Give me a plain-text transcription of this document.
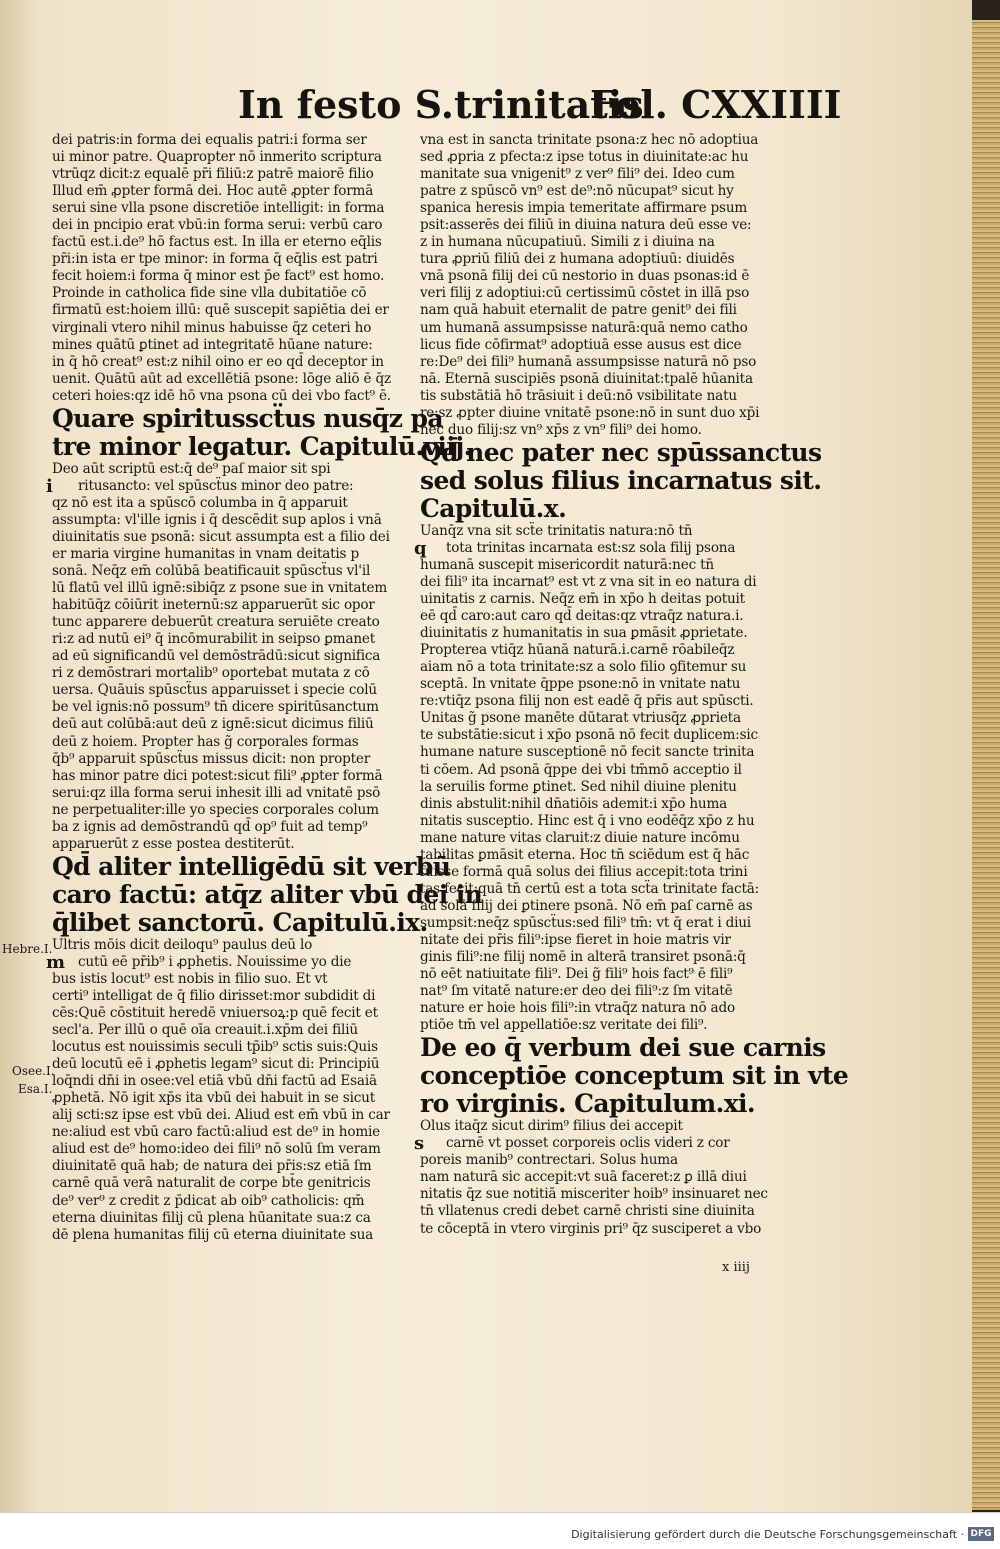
In festo S.trinitatis
Fol. CXXIIII
dei patris:in forma dei equalis patri:i forma ser
ui minor patre. Quapropter nō inmerito scriptura
vtrūqz dicit:z equalē pr̄i filiū:z patrē maiorē filio
Illud em̄ ꝓpter formā dei. Hoc autē ꝓpter formā
serui sine vlla psone discretiōe intelligit: in forma
dei in pncipio erat vbū:in forma serui: verbū caro
factū est.i.de⁹ hō factus est. In illa er eterno eq̄lis
pr̄i:in ista er tpe minor: in forma q̄ eq̄lis est patri
fecit hoiem:i forma q̄ minor est p̄e fact⁹ est homo.
Proinde in catholica fide sine vlla dubitatiōe cō
firmatū est:hoiem illū: quē suscepit sapiētia dei er
virginali vtero nihil minus habuisse q̄z ceteri ho
mines quātū ꝑtinet ad integritatē hūane nature:
in q̄ hō creat⁹ est:z nihil oino er eo qd̄ deceptor in
uenit. Quātū aūt ad excellētiā psone: lōge aliō ē q̄z
ceteri hoies:qz idē hō vna psona cū dei vbo fact⁹ ē.
Quare spiritusscẗus nusq̄z pa
tre minor legatur. Capitulū.viij.
Deo aūt scriptū est:q̄ de⁹ paſ maior sit spi
i ritusancto: vel spūscẗus minor deo patre:
qz nō est ita a spūscō columba in q̄ apparuit
assumpta: vl'ille ignis i q̄ descēdit sup aplos i vnā
diuinitatis sue psonā: sicut assumpta est a filio dei
er maria virgine humanitas in vnam deitatis p
sonā. Neq̄z em̄ colūbā beatificauit spūscẗus vl'il
lū flatū vel illū ignē:sibiq̄z z psone sue in vnitatem
habitūq̄z cōiūrit ineternū:sz apparuerūt sic opor
tunc apparere debuerūt creatura seruiēte creato
ri:z ad nutū ei⁹ q̄ incōmurabilit in seipso ꝑmanet
ad eū significandū vel demōstrādū:sicut significa
ri z demōstrari mortalib⁹ oportebat mutata z cō
uersa. Quāuis spūscẗus apparuisset i specie colū
be vel ignis:nō possum⁹ tn̄ dicere spiritūsanctum
deū aut colūbā:aut deū z ignē:sicut dicimus filiū
deū z hoiem. Propter has g̃ corporales formas
q̄b⁹ apparuit spūscẗus missus dicit: non propter
has minor patre dici potest:sicut fili⁹ ꝓpter formā
serui:qz illa forma serui inhesit illi ad vnitatē psō
ne perpetualiter:ille yo species corporales colum
ba z ignis ad demōstrandū qd̄ op⁹ fuit ad temp⁹
apparuerūt z esse postea destiterūt.
Qd̄ aliter intelligēdū sit verbū
caro factū: atq̄z aliter vbū dei in
q̄libet sanctorū. Capitulū.ix.
Ultris mōis dicit deiloqu⁹ paulus deū lo
m cutū eē pr̄ib⁹ i ꝓphetis. Nouissime yo die
bus istis locut⁹ est nobis in filio suo. Et vt
certi⁹ intelligat de q̄ filio dirisset:mor subdidit di
cēs:Quē cōstituit heredē vniuersoꝝ:p quē fecit et
secl'a. Per illū o quē oīa creauit.i.xp̄m dei filiū
locutus est nouissimis seculi tp̄ib⁹ sctis suis:Quis
deū locutū eē i ꝓphetis legam⁹ sicut di: Principiū
loq̄ndi dn̄i in osee:vel etiā vbū dn̄i factū ad Esaiā
ꝓphetā. Nō igit xp̄s ita vbū dei habuit in se sicut
alij scti:sz ipse est vbū dei. Aliud est em̄ vbū in car
ne:aliud est vbū caro factū:aliud est de⁹ in homie
aliud est de⁹ homo:ideo dei fili⁹ nō solū ſm veram
diuinitatē quā hab; de natura dei pr̄is:sz etiā ſm
carnē quā verā naturalit de corpe bt̄e genitricis
de⁹ ver⁹ z credit z p̄dicat ab oib⁹ catholicis: qm̄
eterna diuinitas filij cū plena hūanitate sua:z ca
dē plena humanitas filij cū eterna diuinitate sua
vna est in sancta trinitate psona:z hec nō adoptiua
sed ꝓpria z pfecta:z ipse totus in diuinitate:ac hu
manitate sua vnigenit⁹ z ver⁹ fili⁹ dei. Ideo cum
patre z spūscō vn⁹ est de⁹:nō nūcupat⁹ sicut hy
spanica heresis impia temeritate affirmare psum
psit:asserēs dei filiū in diuina natura deū esse ve:
z in humana nūcupatiuū. Simili z i diuina na
tura ꝓpriū filiū dei z humana adoptiuū: diuidēs
vnā psonā filij dei cū nestorio in duas psonas:id ē
veri filij z adoptiui:cū certissimū cōstet in illā pso
nam quā habuit eternalit de patre genit⁹ dei fili
um humanā assumpsisse naturā:quā nemo catho
licus fide cōfirmat⁹ adoptiuā esse ausus est dice
re:De⁹ dei fili⁹ humanā assumpsisse naturā nō pso
nā. Eternā suscipiēs psonā diuinitat:tpalē hūanita
tis substātiā hō trāsiuit i deū:nō vsibilitate natu
re:sz ꝓpter diuine vnitatē psone:nō in sunt duo xp̄i
nec duo filij:sz vn⁹ xp̄s z vn⁹ fili⁹ dei homo.
Qd̄ nec pater nec spūssanctus
sed solus filius incarnatus sit.
Capitulū.x.
Uanq̄z vna sit scẗe trinitatis natura:nō tn̄
q tota trinitas incarnata est:sz sola filij psona
humanā suscepit misericordit naturā:nec tn̄
dei fili⁹ ita incarnat⁹ est vt z vna sit in eo natura di
uinitatis z carnis. Neq̄z em̄ in xp̄o h deitas potuit
eē qd̄ caro:aut caro qd̄ deitas:qz vtraq̄z natura.i.
diuinitatis z humanitatis in sua ꝑmāsit ꝓprietate.
Propterea vtiq̄z hūanā naturā.i.carnē rōabileq̄z
aiam nō a tota trinitate:sz a solo filio ꝯfitemur su
sceptā. In vnitate q̄ppe psone:nō in vnitate natu
re:vtiq̄z psona filij non est eadē q̄ pr̄is aut spūscti.
Unitas g̃ psone manēte dūtarat vtriusq̄z ꝓprieta
te substātie:sicut i xp̄o psonā nō fecit duplicem:sic
humane nature susceptionē nō fecit sancte trinita
ti cōem. Ad psonā q̄ppe dei vbi tm̄mō acceptio il
la seruilis forme ꝑtinet. Sed nihil diuine plenitu
dinis abstulit:nihil dn̄atiōis ademit:i xp̄o huma
nitatis susceptio. Hinc est q̄ i vno eodēq̄z xp̄o z hu
mane nature vitas claruit:z diuie nature incōmu
tabilitas ꝑmāsit eterna. Hoc tn̄ sciēdum est q̄ hāc
fuisse formā quā solus dei filius accepit:tota trini
tas fecit:quā tn̄ certū est a tota scẗa trinitate factā:
ad solā filij dei ꝑtinere psonā. Nō em̄ paſ carnē as
sumpsit:neq̄z spūscẗus:sed fili⁹ tm̄: vt q̄ erat i diui
nitate dei pr̄is fili⁹:ipse fieret in hoie matris vir
ginis fili⁹:ne filij nomē in alterā transiret psonā:q̄
nō eēt natiuitate fili⁹. Dei g̃ fili⁹ hois fact⁹ ē fili⁹
nat⁹ ſm vitatē nature:er deo dei fili⁹:z ſm vitatē
nature er hoie hois fili⁹:in vtraq̄z natura nō ado
ptiōe tm̄ vel appellatiōe:sz veritate dei fili⁹.
De eo q̄ verbum dei sue carnis
conceptiōe conceptum sit in vte
ro virginis. Capitulum.xi.
Olus itaq̄z sicut dirim⁹ filius dei accepit
s carnē vt posset corporeis oclis videri z cor
poreis manib⁹ contrectari. Solus huma
nam naturā sic accepit:vt suā faceret:z ꝑ illā diui
nitatis q̄z sue notitiā misceriter hoib⁹ insinuaret nec
tn̄ vllatenus credi debet carnē christi sine diuinita
te cōceptā in vtero virginis pri⁹ q̄z susciperet a vbo
Hebre.I.
Osee.I.
Esa.I.
x iiij
Digitalisierung gefördert durch die Deutsche Forschungsgemeinschaft · DFG
